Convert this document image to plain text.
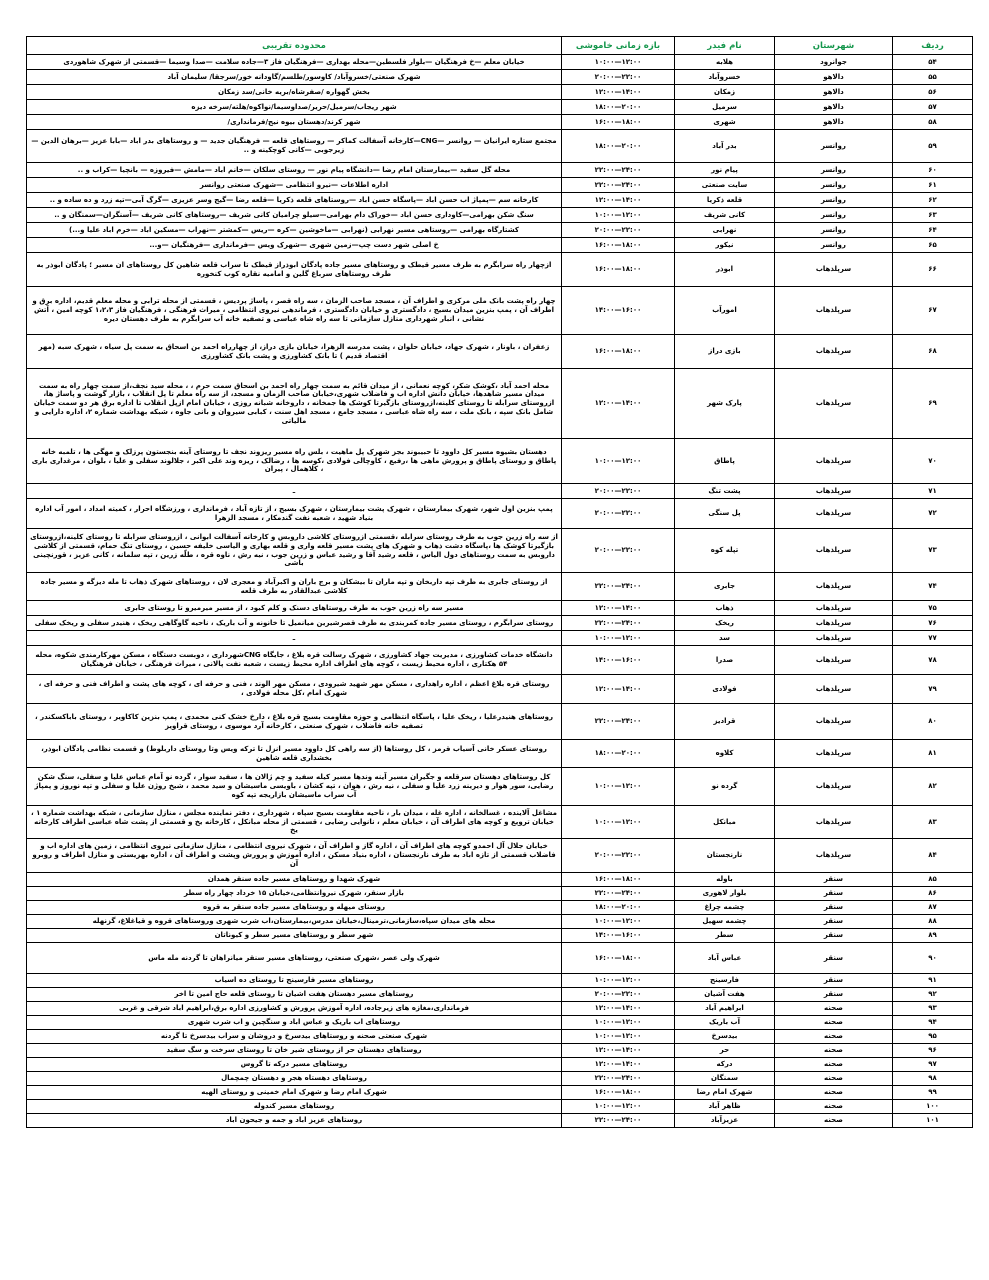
ردیف	شهرستان	نام فیدر	بازه زمانی خاموشی	محدوده تقریبی
۵۴	جوانرود	هلابه	۱۰:۰۰—۱۲:۰۰	خیابان معلم —خ فرهنگیان —بلوار فلسطین—محله بهداری —فرهنگیان فاز ۳—جاده سلامت —صدا وسیما —قسمتی از شهرک شاهوردی
۵۵	دالاهو	خسروآباد	۲۰:۰۰—۲۲:۰۰	شهرک صنعتی/خسروآباد/ کاوسور/طلسم/گاودانه خور/سرجقا/ سلیمان آباد
۵۶	دالاهو	زمکان	۱۲:۰۰—۱۴:۰۰	بخش گهواره /صفرشاه/بریه خانی/سد زمکان
۵۷	دالاهو	سرمیل	۱۸:۰۰—۲۰:۰۰	شهر ریجاب/سرمیل/حریر/صداوسیما/نواکوه/هلته/سرخه دیزه
۵۸	دالاهو	شهری	۱۶:۰۰—۱۸:۰۰	شهر کرند/دهستان بیوه نیج/فرمانداری/
۵۹	روانسر	بدر آباد	۱۸:۰۰—۲۰:۰۰	مجتمع ستاره ایرانیان — روانسر —CNG—کارخانه آسفالت کماکر — روستاهای قلعه — فرهنگیان جدید — و روستاهای بدر اباد —بابا عزیز —برهان الدین —زیرجوبی —کانی کوچکینه و ..
۶۰	روانسر	پیام نور	۲۲:۰۰—۲۴:۰۰	محله گل سفید —بیمارستان امام رضا —دانشگاه پیام نور — روستای سلکان —خانم اباد —مامش —فیروزه — بانچیا —کراب و ..
۶۱	روانسر	سایت صنعتی	۲۲:۰۰—۲۴:۰۰	اداره اطلاعات —نیرو انتظامی —شهرک صنعتی روانسر
۶۲	روانسر	قلعه ذکریا	۱۲:۰۰—۱۴:۰۰	کارخانه سم —پمپاژ اب حسن اباد —پاسگاه حسن اباد —روستاهای قلعه ذکریا —قلعه رضا —گیج وسر عزیزی —گرگ آبی—تپه زرد و ده ساده و ..
۶۳	روانسر	کانی شریف	۱۰:۰۰—۱۲:۰۰	سنگ شکن بهرامی—کاوداری حسن اباد —خوراک دام بهرامی—سیلو چرامیان کانی شریف —روستاهای کانی شریف —آسنگران—سمنگان و ..
۶۴	روانسر	نهرابی	۲۰:۰۰—۲۲:۰۰	کشتارگاه بهرامی —روستاهی مسیر نهرابی (نهرابی —ماخوشین —کره —ریس —کمشتر —نهراب —مسکین اباد —خرم اباد علیا و...)
۶۵	روانسر	نیکور	۱۶:۰۰—۱۸:۰۰	خ اصلی شهر دست چپ—زمین شهری —شهرک ویس —فرمانداری —فرهنگیان —و...
۶۶	سرپلذهاب	ابوذر	۱۶:۰۰—۱۸:۰۰	ازچهار راه سرابگرم به طرف مسیر قیطک و روستاهای مسیر جاده پادگان ابوذراز قیطک تا سراب قلعه شاهین کل روستاهای ان مسیر ؛ پادگان ابوذر به طرف روستاهای سرباغ گلین و امامیه نقاره کوب کنخوره
۶۷	سرپلذهاب	امورآب	۱۴:۰۰—۱۶:۰۰	چهار راه پشت بانک ملی مرکزی و اطراف آن ، مسجد صاحب الزمان ، سه راه قصر ، پاساژ پردیس ، قسمتی از محله ترابی و محله معلم قدیم، اداره برق و اطراف آن ، پمپ بنزین میدان بسیج ، دادگستری و خیابان دادگستری ، فرماندهی نیروی انتظامی ، میراث فرهنگی ، فرهنگیان فاز ۱،۲،۳ کوچه امین ، آتش نشانی ، انبار شهرداری منازل سازمانی تا سه راه شاه عباسی و تصفیه خانه آب سرابگرم به طرف دهستان دیره
۶۸	سرپلذهاب	بازی دراز	۱۶:۰۰—۱۸:۰۰	زعفران ، باونار ، شهرک جهاد، خیابان حلوان ، پشت مدرسه الزهرا، خیابان بازی دراز، از چهارراه احمد بن اسحاق به سمت پل سیاه ، شهرک سبه (مهر اقتصاد قدیم ) تا بانک کشاورزی و پشت بانک کشاورزی
۶۹	سرپلذهاب	پارک شهر	۱۲:۰۰—۱۴:۰۰	محله احمد آباد ،کوشک شکر، کوچه نعمانی ، از میدان قائم به سمت چهار راه احمد بن اسحاق سمت حرم ، ، محله سید نجف،از سمت چهار راه به سمت میدان مسیر شاهدها، خیابان دانش اداره اب و فاضلاب شهری،خیابان صاحب الزمان و مسجد، از سه راه معلم تا پل انقلاب ، بازار گوشت و پاساژ ها، ازروستای سرابله تا روستای کلینه،ازروستای بازگیرتا کوشک ها جمخانه ، داروخانه شبانه روزی ، خیابان امام ازپل انقلاب تا اداره برق هر دو سمت خیابان شامل بانک سپه ، بانک ملت ، سه راه شاه عباسی ، مسجد جامع ، مسجد اهل سنت ، کبابی سیروان و بانی جاوه ، شبکه بهداشت شماره ۲، اداره دارایی و مالیاتی
۷۰	سرپلذهاب	پاطاق	۱۰:۰۰—۱۲:۰۰	دهستان بشیوه مسیر کل داوود تا حبیبوند بجز شهرک پل ماهیت ، بلس راه مسیر ریزوند نجف تا روستای آینه بنجستون پرزلک و مهگی ها ، تلمبه خانه پاطاق و روستای پاطاق و پرورش ماهی ها ،رفیع ، کاوچالی فولادی ،کوسه ها ، رضالک ، ریزه وند علی اکبر ، جلالوند سفلی و علیا ، بلوان ، مرغداری باری ، کلاهمال ، پیران
۷۱	سرپلذهاب	پشت تنگ	۲۰:۰۰—۲۲:۰۰	ـ
۷۲	سرپلذهاب	پل سنگی	۲۰:۰۰—۲۲:۰۰	پمپ بنزین اول شهر، شهرک بیمارستان ، شهرک پشت بیمارستان ، شهرک بسیج ، از تازه آباد ، فرمانداری ، ورزشگاه احرار ، کمیته امداد ، امور آب اداره بنیاد شهید ، شعبه نفت گندمکار ، مسجد الزهرا
۷۳	سرپلذهاب	تپله کوه	۲۰:۰۰—۲۲:۰۰	از سه راه زرین جوب به طرف روستای سرابله ،قسمتی ازروستای کلاشی داروبس و کارخانه آسفالت ابوانی ، ازروستای سرابله تا روستای کلینه،ازروستای بازگیرتا کوشک ها ،پاسگاه دشت ذهاب و شهرک های پشت مسیر قلعه واری و قلعه بهاری و الیاسی خلیفه حسین ، روستای تنگ حمام، قسمتی از کلاشی داروبس به سمت روستاهای دول الیاس ، قلعه رشید آقا و رشید عباس و زرین جوب ، نیه رش ، ناوه قره ، طلّه زرین ، تپه سلمانه ، کانی عزیز ، قورنچینی باشی
۷۴	سرپلذهاب	جابری	۲۲:۰۰—۲۴:۰۰	از روستای جابری به طرف تپه داربخان و تپه ماران تا بیشکان و برج باران و اکبرآباد و معجری لان ، روستاهای شهرک ذهاب تا مله دیزگه و مسیر جاده کلاشی عبدالقادر به طرف قلعه
۷۵	سرپلذهاب	ذهاب	۱۲:۰۰—۱۴:۰۰	مسیر سه راه زرین جوب به طرف روستاهای دسنک و کلم کبود ، از مسیر میرمیرو تا روستای جابری
۷۶	سرپلذهاب	ریخک	۲۲:۰۰—۲۴:۰۰	روستای سرابگرم ، روستای مسیر جاده کمربندی به طرف قصرشیرین میانمیل تا خانونه و آب باریک ، ناحیه گاوگاهی ریخک ، هنیدر سفلی و ریخک سفلی
۷۷	سرپلذهاب	سد	۱۰:۰۰—۱۲:۰۰	ـ
۷۸	سرپلذهاب	صدرا	۱۴:۰۰—۱۶:۰۰	دانشگاه خدمات کشاورزی ، مدیریت جهاد کشاورزی ، شهرک رسالت قره بلاغ ، جایگاه CNGشهرداری ، دوبست دستگاه ، مسکن مهرکارمندی شکوه، محله ۵۴ هکتاری ، اداره محیط زیست ، کوچه های اطراف اداره محیط زیست ، شعبه نفت پالانی ، میراث فرهنگی ، خیابان فرهنگیان
۷۹	سرپلذهاب	فولادی	۱۲:۰۰—۱۴:۰۰	روستای قره بلاغ اعظم ، اداره راهداری ، مسکن مهر شهید شیرودی ، مسکن مهر الوند ، فنی و حرفه ای ، کوچه های پشت و اطراف فنی و حرفه ای ، شهرک امام ،کل محله فولادی ،
۸۰	سرپلذهاب	قرادیز	۲۲:۰۰—۲۴:۰۰	روستاهای هنیدرعلیا ، ریخک علیا ، پاسگاه انتظامی و حوزه مقاومت بسیج قره بلاغ ، دارخ خشک کنی محمدی ، پمپ بنزین کاکاویر ، روستای باباکسکندر ، تصفیه خانه فاضلاب ، شهرک صنعتی ، کارخانه آرد موسوی ، روستای قراویز
۸۱	سرپلذهاب	کلاوه	۱۸:۰۰—۲۰:۰۰	روستای عسکر خانی آسیاب قرمز ، کل روستاها (از سه راهی کل داوود مسیر انزل تا ترکه ویس وتا روستای داربلوط) و قسمت نظامی پادگان ابوذر، بخشداری قلعه شاهین
۸۲	سرپلذهاب	گرده نو	۱۰:۰۰—۱۲:۰۰	کل روستاهای دهستان سرقلعه و جگیران مسیر آینه وندها مسیر کیله سفید و چم ژالان ها ، سفید سوار ، گرده نو آمام عباس علیا و سفلی، سنگ شکن رضایی، سور هوار و دیرینه زرد علیا و سفلی ، نیه رش ، هوان ، تپه کشان ، باویسی ماسیشان و سید محمد ، شیخ روژن علیا و سفلی و تپه نوروز و پمپاژ آب سراب ماسیشان بازاریجه تپه کوه
۸۳	سرپلذهاب	مبانکل	۱۰:۰۰—۱۲:۰۰	مشاغل آلایندە ، غسالخانه ، اداره غله ، میدان بار ، ناحیه مقاومت بسیج سپاه ، شهرداری ، دفتر نماینده مجلس ، منازل سازمانی ، شبکه بهداشت شماره ۱ ، خیابان تروپع و کوچه های اطراف آن ، خیابان معلم ، نانوایی رضایی ، قسمتی از محله مبانکل ، کارخانه یخ و قسمتی از پشت شاه عباسی اطراف کارخانه یخ
۸۴	سرپلذهاب	نارنجستان	۲۰:۰۰—۲۲:۰۰	خیابان جلال آل احمدو کوچه های اطراف آن ، اداره گاز و اطراف آن ، شهرک نیروی انتظامی ، منازل سازمانی نیروی انتظامی ، زمین های اداره اب و فاضلاب قسمتی از تازه اباد به طرف نارنجستان ، اداره بنیاد مسکن ، اداره آموزش و پرورش وپشت و اطراف آن ، اداره بهزیستی و منازل اطراف و روبرو آن
۸۵	سنقر	باوله	۱۶:۰۰—۱۸:۰۰	شهرک شهدا و روستاهای مسیر جاده سنقر همدان
۸۶	سنقر	بلوار لاهوری	۲۲:۰۰—۲۴:۰۰	بازار سنقر، شهرک نیروانتظامی،خیابان ۱۵ خرداد چهار راه سطر
۸۷	سنقر	چشمه چراغ	۱۸:۰۰—۲۰:۰۰	روستای میهله و روستاهای مسیر جاده سنقر به قروه
۸۸	سنقر	چشمه سهیل	۱۰:۰۰—۱۲:۰۰	محله های میدان سپاه،سازمانی،ترمینال،خیابان مدرس،بیمارستان،اب شرب شهری وروستاهای قروه و قیاغلاغ، گزنهله
۸۹	سنقر	سطر	۱۴:۰۰—۱۶:۰۰	شهر سطر و روستاهای مسیر سطر و کیوناتان
۹۰	سنقر	عباس آباد	۱۶:۰۰—۱۸:۰۰	شهرک ولی عصر ،شهرک صنعتی، روستاهای مسیر سنقر میانراهان تا گردنه مله ماس
۹۱	سنقر	فارسینج	۱۰:۰۰—۱۲:۰۰	روستاهای مسیر فارسینج تا روستای ده اسیاب
۹۲	سنقر	هفت آشیان	۲۰:۰۰—۲۲:۰۰	روستاهای مسیر دهستان هفت اشیان تا روستای قلعه حاج امین تا اخر
۹۳	صحنه	ابراهیم آباد	۱۲:۰۰—۱۴:۰۰	فرمانداری،مغازه های زیرجاده، اداره آموزش پرورش و کشاورزی اداره برق،ابراهیم اباد شرقی و غربی
۹۴	صحنه	آب باریک	۱۰:۰۰—۱۲:۰۰	روستاهای اب باریک و عباس اباد و سنگچین و اب شرب شهری
۹۵	صحنه	بیدسرخ	۱۰:۰۰—۱۲:۰۰	شهرک صنعتی صحنه و روستاهای بیدسرخ و دروشان و سراب بیدسرخ تا گردنه
۹۶	صحنه	حر	۱۲:۰۰—۱۴:۰۰	روستاهای دهستان حر از روستای شیر خان تا روستای سرخت و سگ سفید
۹۷	صحنه	درکه	۱۲:۰۰—۱۴:۰۰	روستاهای مسیر درکه تا گروس
۹۸	صحنه	سمنگان	۲۲:۰۰—۲۴:۰۰	روستاهای دهستاه هجر و دهستان چمچمال
۹۹	صحنه	شهرک امام رضا	۱۶:۰۰—۱۸:۰۰	شهرک امام رضا و شهرک امام خمینی و روستای الهیه
۱۰۰	صحنه	ظاهر آباد	۱۰:۰۰—۱۲:۰۰	روستاهای مسیر کندوله
۱۰۱	صحنه	عزیزآباد	۲۲:۰۰—۲۴:۰۰	روستاهای عزیز اباد و جمه و جیحون اباد
